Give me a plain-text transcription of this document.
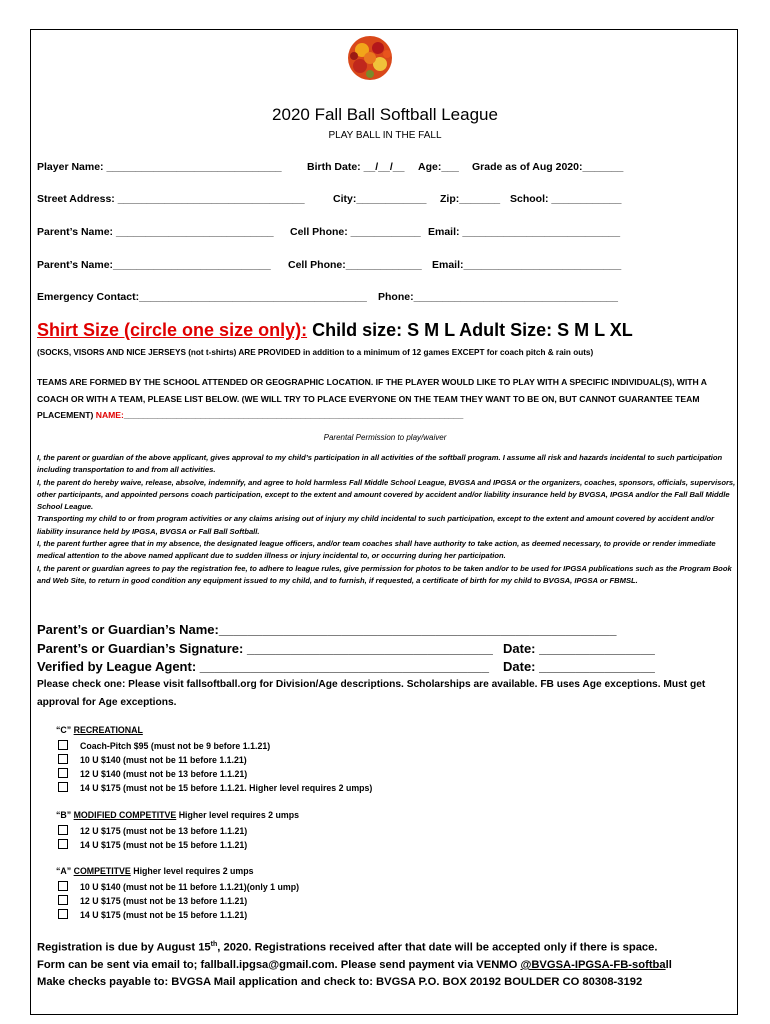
2020 Fall Ball Softball League
PLAY BALL IN THE FALL
Player Name: ______________________________ Birth Date: __/__/__ Age:___ Grade as of Aug 2020:_______
Street Address: ________________________________	City:____________ Zip:_______ School: ____________
Parent’s Name: ___________________________ Cell Phone: ____________ Email: ___________________________
Parent’s Name:___________________________ Cell Phone:_____________ Email:___________________________
Emergency Contact:_______________________________________ Phone:___________________________________
Shirt Size (circle one size only): Child size: S M L Adult Size: S M L XL
(SOCKS, VISORS AND NICE JERSEYS (not t-shirts) ARE PROVIDED in addition to a minimum of 12 games EXCEPT for coach pitch & rain outs)
TEAMS ARE FORMED BY THE SCHOOL ATTENDED OR GEOGRAPHIC LOCATION. IF THE PLAYER WOULD LIKE TO PLAY WITH A SPECIFIC INDIVIDUAL(S), WITH A COACH OR WITH A TEAM, PLEASE LIST BELOW. (WE WILL TRY TO PLACE EVERYONE ON THE TEAM THEY WANT TO BE ON, BUT CANNOT GUARANTEE TEAM PLACEMENT) NAME:_______________________________________________________________________
Parental Permission to play/waiver

I, the parent or guardian of the above applicant, gives approval to my child’s participation in all activities of the softball program. I assume all risk and hazards incidental to such participation including transportation to and from all activities.

I, the parent do hereby waive, release, absolve, indemnify, and agree to hold harmless Fall Middle School League, BVGSA and IPGSA or the organizers, coaches, sponsors, officials, supervisors, other participants, and appointed persons coach participation, except to the extent and amount covered by accident and/or liability insurance held by BVGSA, IPGSA and/or the Fall Ball Middle School League.

Transporting my child to or from program activities or any claims arising out of injury my child incidental to such participation, except to the extent and amount covered by accident and/or liability insurance held by IPGSA, BVGSA or Fall Ball Softball.

I, the parent further agree that in my absence, the designated league officers, and/or team coaches shall have authority to take action, as deemed necessary, to provide or render immediate medical attention to the above named applicant due to sudden illness or injury incidental to, or occurring during her participation.

I, the parent or guardian agrees to pay the registration fee, to adhere to league rules, give permission for photos to be taken and/or to be used for IPGSA publications such as the Program Book and Web Site, to return in good condition any equipment issued to my child, and to furnish, if requested, a certificate of birth for my child to BVGSA, IPGSA or FBMSL.

Parent’s or Guardian’s Name:_______________________________________________________
Parent’s or Guardian’s Signature: __________________________________ Date: ________________
Verified by League Agent: ________________________________________ Date: ________________
Please check one: Please visit fallsoftball.org for Division/Age descriptions. Scholarships are available. FB uses Age exceptions. Must get approval for Age exceptions.
“C” RECREATIONAL
Coach-Pitch $95 (must not be 9 before 1.1.21)
10 U $140 (must not be 11 before 1.1.21)
12 U $140 (must not be 13 before 1.1.21)
14 U $175 (must not be 15 before 1.1.21. Higher level requires 2 umps)
“B” MODIFIED COMPETITVE Higher level requires 2 umps
12 U $175 (must not be 13 before 1.1.21)
14 U $175 (must not be 15 before 1.1.21)
“A” COMPETITVE Higher level requires 2 umps
10 U $140 (must not be 11 before 1.1.21)(only 1 ump)
12 U $175 (must not be 13 before 1.1.21)
14 U $175 (must not be 15 before 1.1.21)
Registration is due by August 15th, 2020. Registrations received after that date will be accepted only if there is space.
Form can be sent via email to; fallball.ipgsa@gmail.com. Please send payment via VENMO @BVGSA-IPGSA-FB-softball
Make checks payable to: BVGSA Mail application and check to: BVGSA P.O. BOX 20192 BOULDER CO 80308-3192
